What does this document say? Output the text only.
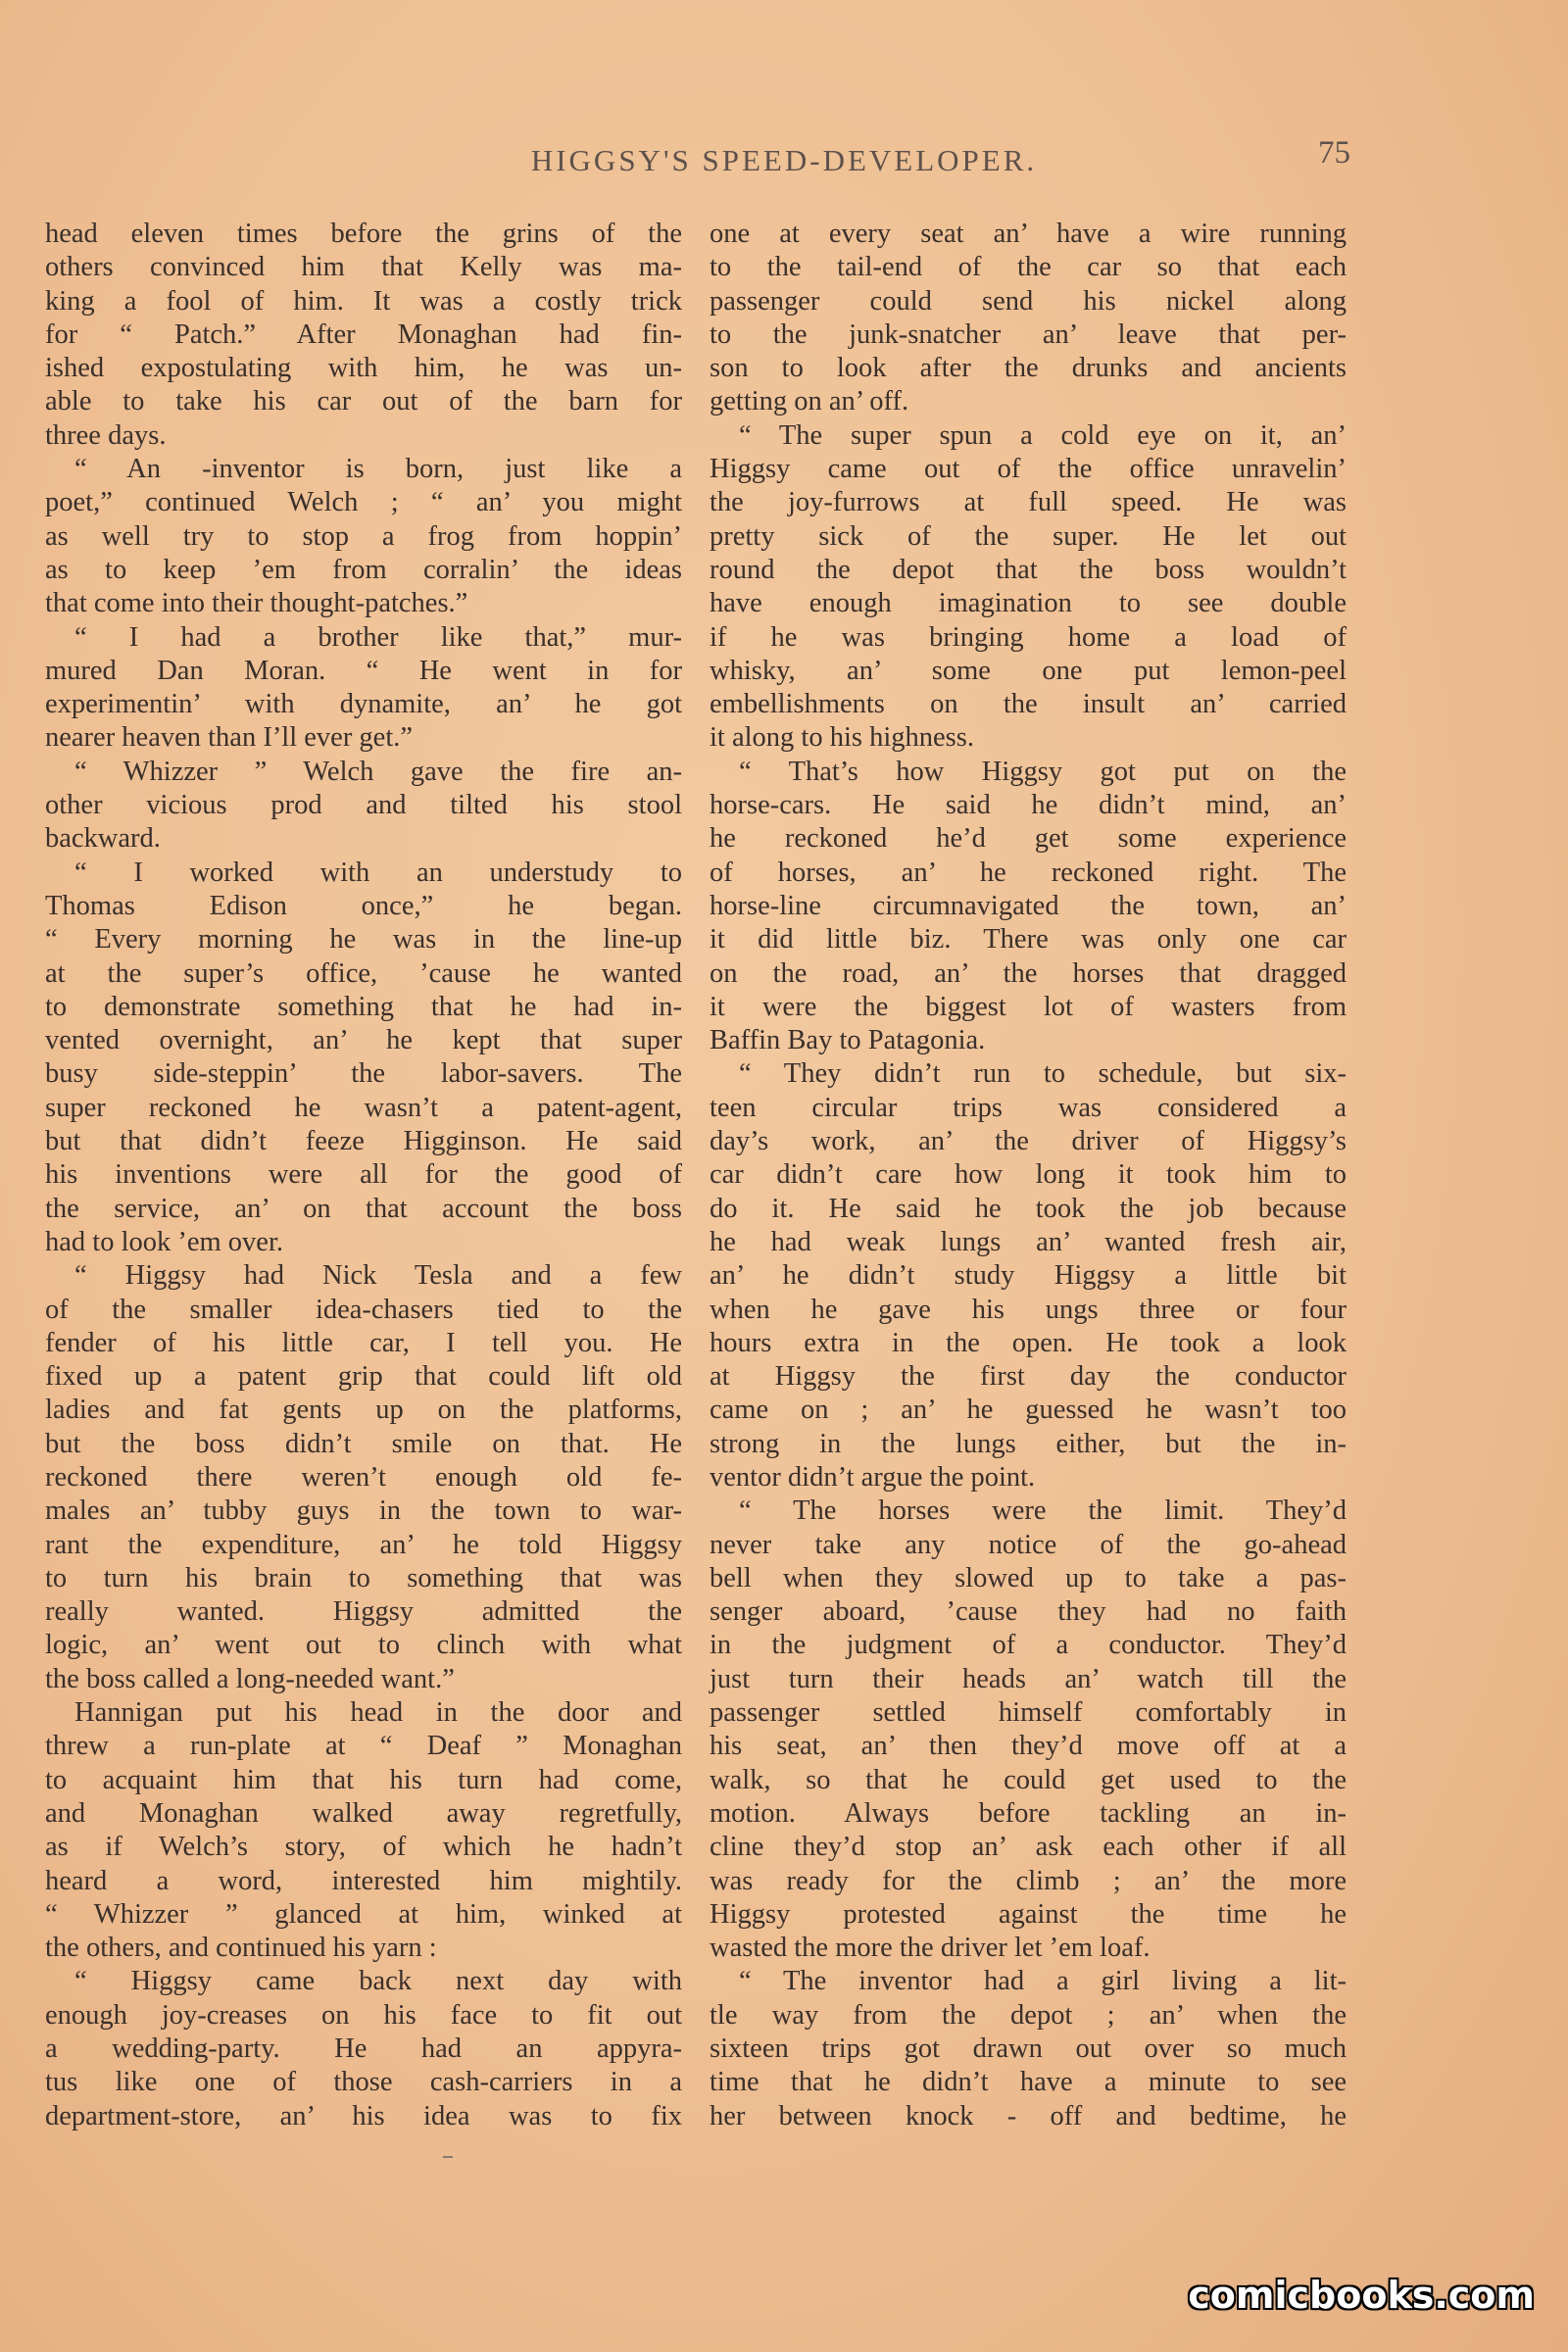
HIGGSY'S SPEED-DEVELOPER.	75
head eleven times before the grins of the
others convinced him that Kelly was ma-
king a fool of him. It was a costly trick
for “ Patch.” After Monaghan had fin-
ished expostulating with him, he was un-
able to take his car out of the barn for
three days.
“ An -inventor is born, just like a
poet,” continued Welch ; “ an’ you might
as well try to stop a frog from hoppin’
as to keep ’em from corralin’ the ideas
that come into their thought-patches.”
“ I had a brother like that,” mur-
mured Dan Moran. “ He went in for
experimentin’ with dynamite, an’ he got
nearer heaven than I’ll ever get.”
“ Whizzer ” Welch gave the fire an-
other vicious prod and tilted his stool
backward.
“ I worked with an understudy to
Thomas Edison once,” he began.
“ Every morning he was in the line-up
at the super’s office, ’cause he wanted
to demonstrate something that he had in-
vented overnight, an’ he kept that super
busy side-steppin’ the labor-savers. The
super reckoned he wasn’t a patent-agent,
but that didn’t feeze Higginson. He said
his inventions were all for the good of
the service, an’ on that account the boss
had to look ’em over.
“ Higgsy had Nick Tesla and a few
of the smaller idea-chasers tied to the
fender of his little car, I tell you. He
fixed up a patent grip that could lift old
ladies and fat gents up on the platforms,
but the boss didn’t smile on that. He
reckoned there weren’t enough old fe-
males an’ tubby guys in the town to war-
rant the expenditure, an’ he told Higgsy
to turn his brain to something that was
really wanted. Higgsy admitted the
logic, an’ went out to clinch with what
the boss called a long-needed want.”
Hannigan put his head in the door and
threw a run-plate at “ Deaf ” Monaghan
to acquaint him that his turn had come,
and Monaghan walked away regretfully,
as if Welch’s story, of which he hadn’t
heard a word, interested him mightily.
“ Whizzer ” glanced at him, winked at
the others, and continued his yarn :
“ Higgsy came back next day with
enough joy-creases on his face to fit out
a wedding-party. He had an appyra-
tus like one of those cash-carriers in a
department-store, an’ his idea was to fix
one at every seat an’ have a wire running
to the tail-end of the car so that each
passenger could send his nickel along
to the junk-snatcher an’ leave that per-
son to look after the drunks and ancients
getting on an’ off.
“ The super spun a cold eye on it, an’
Higgsy came out of the office unravelin’
the joy-furrows at full speed. He was
pretty sick of the super. He let out
round the depot that the boss wouldn’t
have enough imagination to see double
if he was bringing home a load of
whisky, an’ some one put lemon-peel
embellishments on the insult an’ carried
it along to his highness.
“ That’s how Higgsy got put on the
horse-cars. He said he didn’t mind, an’
he reckoned he’d get some experience
of horses, an’ he reckoned right. The
horse-line circumnavigated the town, an’
it did little biz. There was only one car
on the road, an’ the horses that dragged
it were the biggest lot of wasters from
Baffin Bay to Patagonia.
“ They didn’t run to schedule, but six-
teen circular trips was considered a
day’s work, an’ the driver of Higgsy’s
car didn’t care how long it took him to
do it. He said he took the job because
he had weak lungs an’ wanted fresh air,
an’ he didn’t study Higgsy a little bit
when he gave his ungs three or four
hours extra in the open. He took a look
at Higgsy the first day the conductor
came on ; an’ he guessed he wasn’t too
strong in the lungs either, but the in-
ventor didn’t argue the point.
“ The horses were the limit. They’d
never take any notice of the go-ahead
bell when they slowed up to take a pas-
senger aboard, ’cause they had no faith
in the judgment of a conductor. They’d
just turn their heads an’ watch till the
passenger settled himself comfortably in
his seat, an’ then they’d move off at a
walk, so that he could get used to the
motion. Always before tackling an in-
cline they’d stop an’ ask each other if all
was ready for the climb ; an’ the more
Higgsy protested against the time he
wasted the more the driver let ’em loaf.
“ The inventor had a girl living a lit-
tle way from the depot ; an’ when the
sixteen trips got drawn out over so much
time that he didn’t have a minute to see
her between knock - off and bedtime, he
comicbooks.com
